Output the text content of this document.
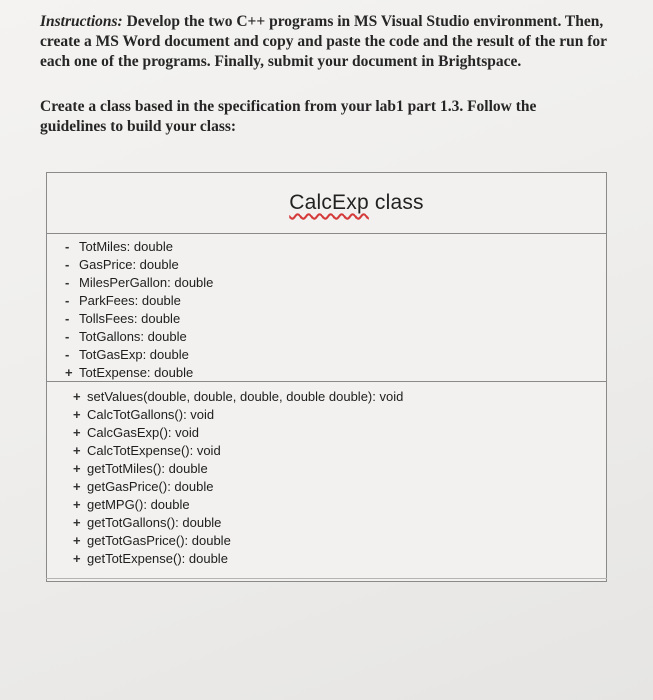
Instructions: Develop the two C++ programs in MS Visual Studio environment. Then, create a MS Word document and copy and paste the code and the result of the run for each one of the programs. Finally, submit your document in Brightspace.

Create a class based in the specification from your lab1 part 1.3. Follow the guidelines to build your class:

CalcExp class
- TotMiles: double
- GasPrice: double
- MilesPerGallon: double
- ParkFees: double
- TollsFees: double
- TotGallons: double
- TotGasExp: double
+ TotExpense: double
+ setValues(double, double, double, double double): void
+ CalcTotGallons(): void
+ CalcGasExp(): void
+ CalcTotExpense(): void
+ getTotMiles(): double
+ getGasPrice(): double
+ getMPG(): double
+ getTotGallons(): double
+ getTotGasPrice(): double
+ getTotExpense(): double
